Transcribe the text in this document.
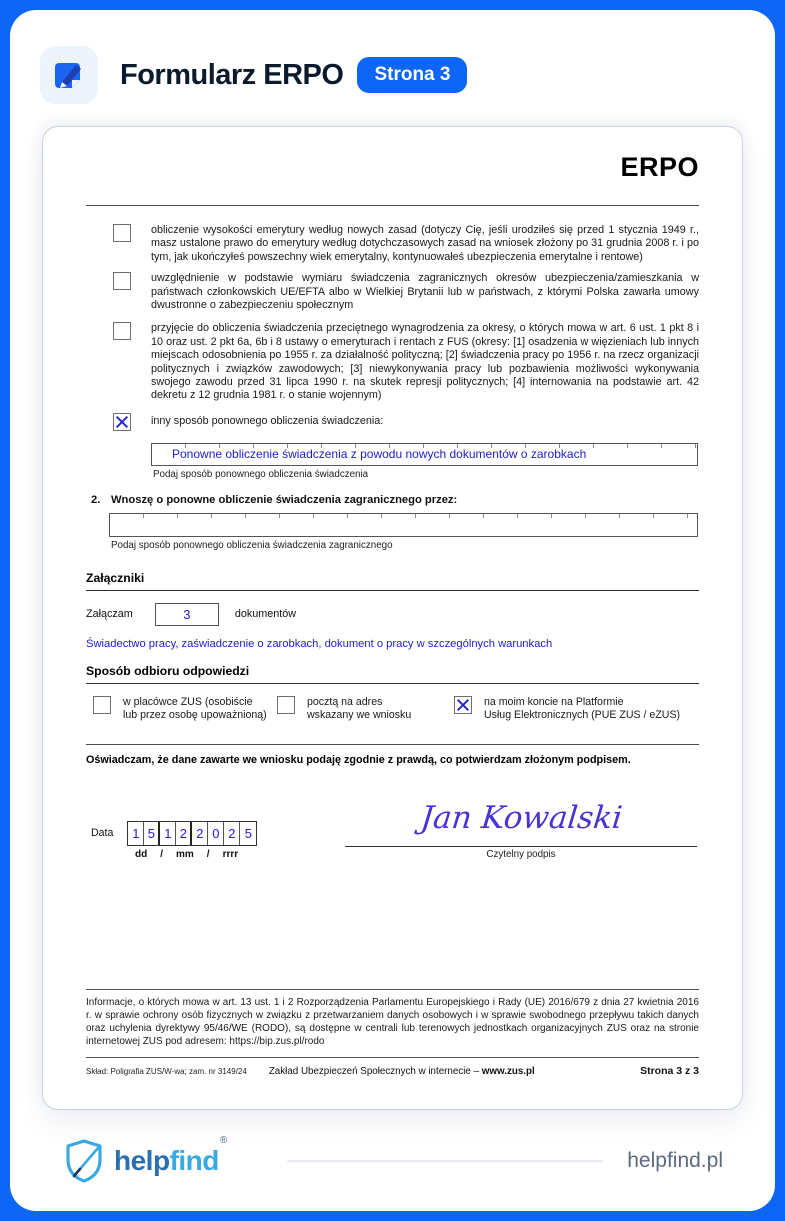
Formularz ERPO	Strona 3
ERPO

obliczenie wysokości emerytury według nowych zasad (dotyczy Cię, jeśli urodziłeś się przed 1 stycznia 1949 r., masz ustalone prawo do emerytury według dotychczasowych zasad na wniosek złożony po 31 grudnia 2008 r. i po tym, jak ukończyłeś powszechny wiek emerytalny, kontynuowałeś ubezpieczenia emerytalne i rentowe)

uwzględnienie w podstawie wymiaru świadczenia zagranicznych okresów ubezpieczenia/zamieszkania w państwach członkowskich UE/EFTA albo w Wielkiej Brytanii lub w państwach, z którymi Polska zawarła umowy dwustronne o zabezpieczeniu społecznym

przyjęcie do obliczenia świadczenia przeciętnego wynagrodzenia za okresy, o których mowa w art. 6 ust. 1 pkt 8 i 10 oraz ust. 2 pkt 6a, 6b i 8 ustawy o emeryturach i rentach z FUS (okresy: [1] osadzenia w więzieniach lub innych miejscach odosobnienia po 1955 r. za działalność polityczną; [2] świadczenia pracy po 1956 r. na rzecz organizacji politycznych i związków zawodowych; [3] niewykonywania pracy lub pozbawienia możliwości wykonywania swojego zawodu przed 31 lipca 1990 r. na skutek represji politycznych; [4] internowania na podstawie art. 42 dekretu z 12 grudnia 1981 r. o stanie wojennym)

inny sposób ponownego obliczenia świadczenia:

Ponowne obliczenie świadczenia z powodu nowych dokumentów o zarobkach
Podaj sposób ponownego obliczenia świadczenia
2. Wnoszę o ponowne obliczenie świadczenia zagranicznego przez:
Podaj sposób ponownego obliczenia świadczenia zagranicznego
Załączniki
Załączam	3	dokumentów
Świadectwo pracy, zaświadczenie o zarobkach, dokument o pracy w szczególnych warunkach
Sposób odbioru odpowiedzi
w placówce ZUS (osobiście
lub przez osobę upoważnioną)
pocztą na adres
wskazany we wniosku
na moim koncie na Platformie
Usług Elektronicznych (PUE ZUS / eZUS)
Oświadczam, że dane zawarte we wniosku podaję zgodnie z prawdą, co potwierdzam złożonym podpisem.
Data 1 5 1 2 2 0 2 5
dd / mm / rrrr
Jan Kowalski
Czytelny podpis

Informacje, o których mowa w art. 13 ust. 1 i 2 Rozporządzenia Parlamentu Europejskiego i Rady (UE) 2016/679 z dnia 27 kwietnia 2016 r. w sprawie ochrony osób fizycznych w związku z przetwarzaniem danych osobowych i w sprawie swobodnego przepływu takich danych oraz uchylenia dyrektywy 95/46/WE (RODO), są dostępne w centrali lub terenowych jednostkach organizacyjnych ZUS oraz na stronie internetowej ZUS pod adresem: https://bip.zus.pl/rodo

Skład: Poligrafia ZUS/W-wa; zam. nr 3149/24 Zakład Ubezpieczeń Społecznych w internecie – www.zus.pl	Strona 3 z 3
helpfind®
helpfind.pl
